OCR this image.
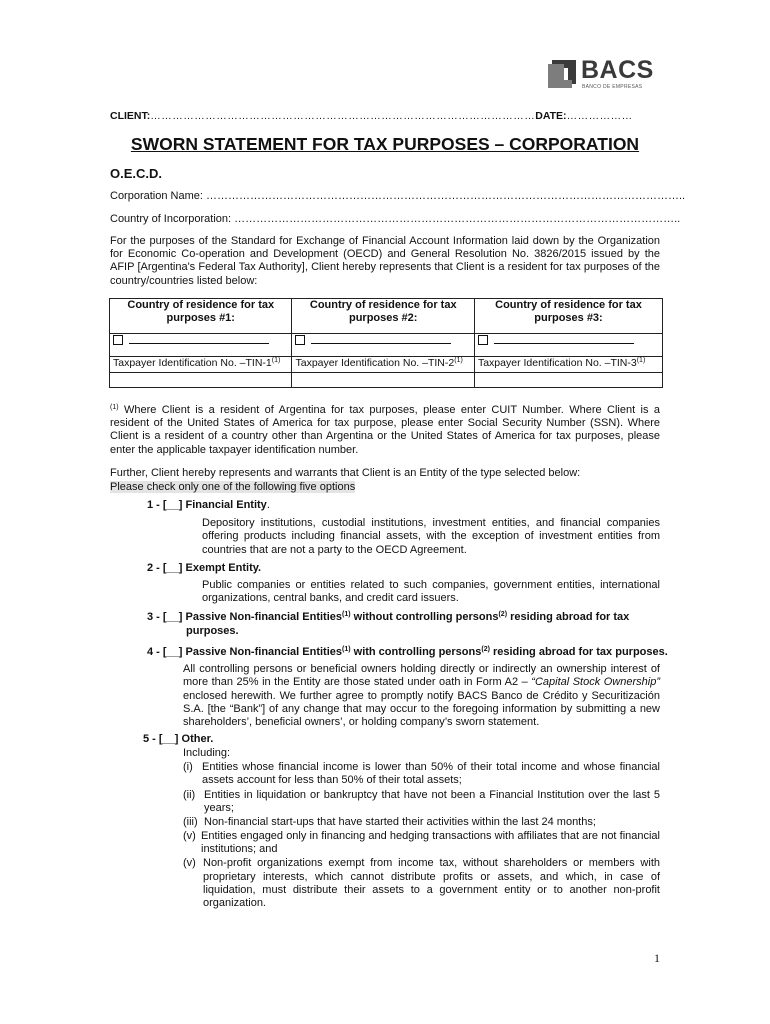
BACS
BANCO DE EMPRESAS
CLIENT:……………………………………………………………………………………………DATE:………………
SWORN STATEMENT FOR TAX PURPOSES – CORPORATION
O.E.C.D.
Corporation Name: …………………………………………………………………………………………………………………..
Country of Incorporation: …………………………………………………………………………………………………………..
For the purposes of the Standard for Exchange of Financial Account Information laid down by the Organization for Economic Co-operation and Development (OECD) and General Resolution No. 3826/2015 issued by the AFIP [Argentina's Federal Tax Authority], Client hereby represents that Client is a resident for tax purposes of the country/countries listed below:
Country of residence for tax purposes #1:	Country of residence for tax purposes #2:	Country of residence for tax purposes #3:

Taxpayer Identification No. –TIN-1$^{(1)}$	Taxpayer Identification No. –TIN-2$^{(1)}$	Taxpayer Identification No. –TIN-3$^{(1)}$

$^{(1)}$ Where Client is a resident of Argentina for tax purposes, please enter CUIT Number. Where Client is a resident of the United States of America for tax purpose, please enter Social Security Number (SSN). Where Client is a resident of a country other than Argentina or the United States of America for tax purposes, please enter the applicable taxpayer identification number.
Further, Client hereby represents and warrants that Client is an Entity of the type selected below:
Please check only one of the following five options
1 - [__] Financial Entity.
Depository institutions, custodial institutions, investment entities, and financial companies offering products including financial assets, with the exception of investment entities from countries that are not a party to the OECD Agreement.
2 - [__] Exempt Entity.
Public companies or entities related to such companies, government entities, international organizations, central banks, and credit card issuers.
3 - [__] Passive Non-financial Entities$^{(1)}$ without controlling persons$^{(2)}$ residing abroad for tax
purposes.
4 - [__] Passive Non-financial Entities$^{(1)}$ with controlling persons$^{(2)}$ residing abroad for tax purposes.
All controlling persons or beneficial owners holding directly or indirectly an ownership interest of more than 25% in the Entity are those stated under oath in Form A2 – “Capital Stock Ownership” enclosed herewith. We further agree to promptly notify BACS Banco de Crédito y Securitización S.A. [the “Bank”] of any change that may occur to the foregoing information by submitting a new shareholders’, beneficial owners’, or holding company’s sworn statement.
5 - [__] Other.
Including:
(i) Entities whose financial income is lower than 50% of their total income and whose financial assets account for less than 50% of their total assets;
(ii) Entities in liquidation or bankruptcy that have not been a Financial Institution over the last 5 years;
(iii) Non-financial start-ups that have started their activities within the last 24 months;
(v) Entities engaged only in financing and hedging transactions with affiliates that are not financial institutions; and
(v) Non-profit organizations exempt from income tax, without shareholders or members with proprietary interests, which cannot distribute profits or assets, and which, in case of liquidation, must distribute their assets to a government entity or to another non-profit organization.
1
